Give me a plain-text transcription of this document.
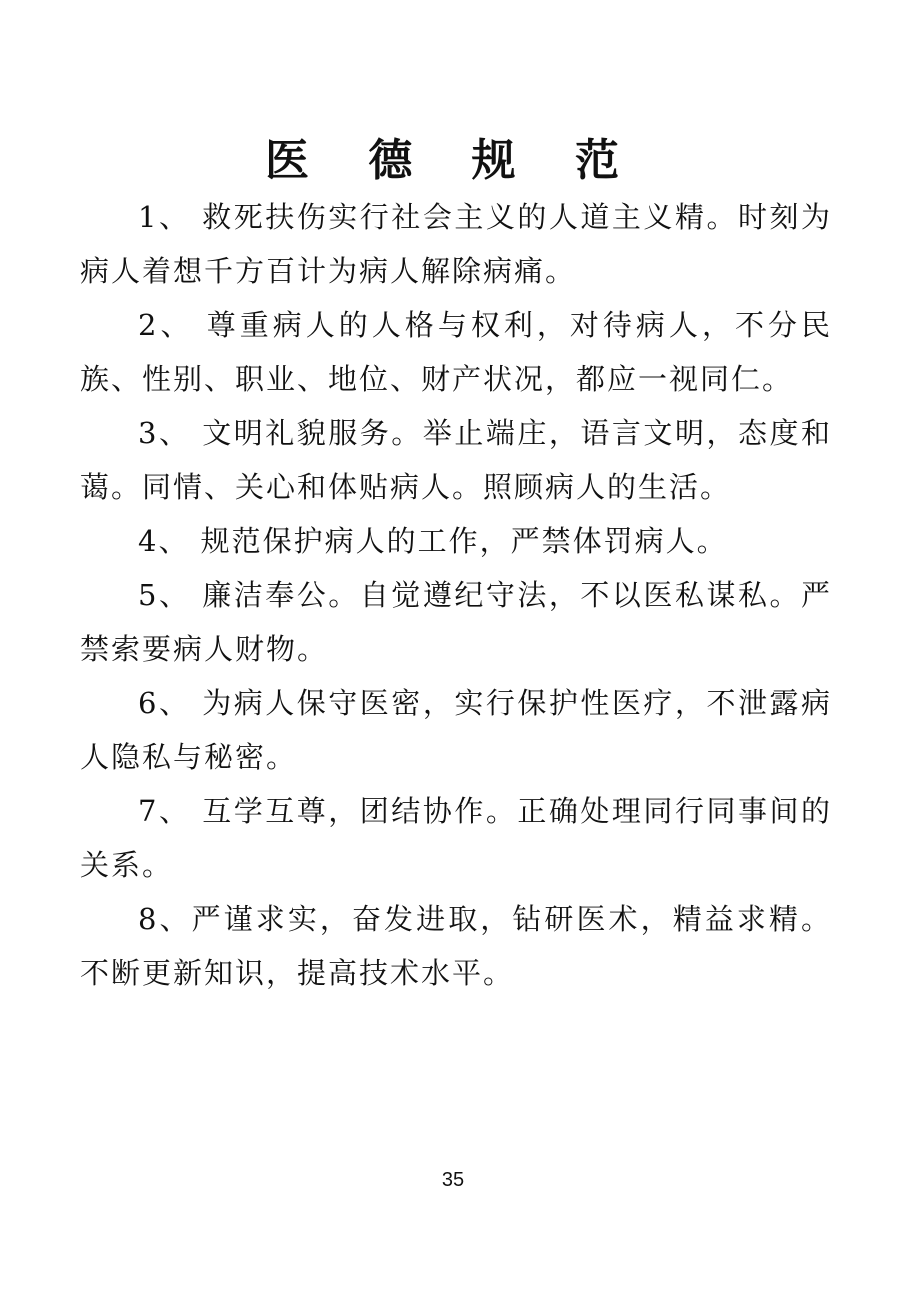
医 德 规 范

1、 救死扶伤实行社会主义的人道主义精。时刻为病人着想千方百计为病人解除病痛。

2、 尊重病人的人格与权利，对待病人，不分民族、性别、职业、地位、财产状况，都应一视同仁。

3、 文明礼貌服务。举止端庄，语言文明，态度和蔼。同情、关心和体贴病人。照顾病人的生活。

4、 规范保护病人的工作，严禁体罚病人。

5、 廉洁奉公。自觉遵纪守法，不以医私谋私。严禁索要病人财物。

6、 为病人保守医密，实行保护性医疗，不泄露病人隐私与秘密。

7、 互学互尊，团结协作。正确处理同行同事间的关系。

8、严谨求实，奋发进取，钻研医术，精益求精。不断更新知识，提高技术水平。

35
